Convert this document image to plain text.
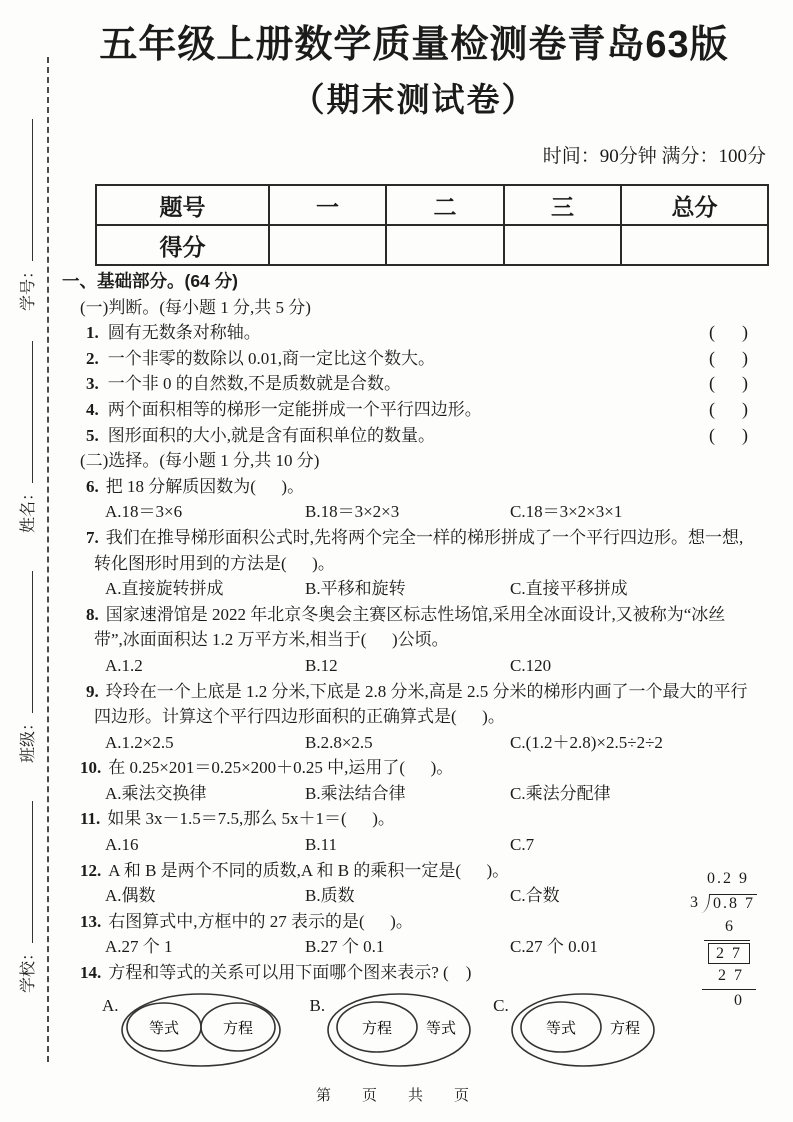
学号：
姓名：
班级：
学校：
五年级上册数学质量检测卷青岛63版
（期末测试卷）
时间：90分钟 满分：100分
题号	一	二	三	总分
得分				
一、基础部分。(64 分)
(一)判断。(每小题 1 分,共 5 分)
1. 圆有无数条对称轴。	(      )
2. 一个非零的数除以 0.01,商一定比这个数大。	(      )
3. 一个非 0 的自然数,不是质数就是合数。	(      )
4. 两个面积相等的梯形一定能拼成一个平行四边形。	(      )
5. 图形面积的大小,就是含有面积单位的数量。	(      )
(二)选择。(每小题 1 分,共 10 分)
6. 把 18 分解质因数为(      )。
A.18＝3×6	B.18＝3×2×3	C.18＝3×2×3×1
7. 我们在推导梯形面积公式时,先将两个完全一样的梯形拼成了一个平行四边形。想一想,
转化图形时用到的方法是(      )。
A.直接旋转拼成	B.平移和旋转	C.直接平移拼成
8. 国家速滑馆是 2022 年北京冬奥会主赛区标志性场馆,采用全冰面设计,又被称为“冰丝
带”,冰面面积达 1.2 万平方米,相当于(      )公顷。
A.1.2	B.12	C.120
9. 玲玲在一个上底是 1.2 分米,下底是 2.8 分米,高是 2.5 分米的梯形内画了一个最大的平行
四边形。计算这个平行四边形面积的正确算式是(      )。
A.1.2×2.5	B.2.8×2.5	C.(1.2＋2.8)×2.5÷2÷2
10. 在 0.25×201＝0.25×200＋0.25 中,运用了(      )。
A.乘法交换律	B.乘法结合律	C.乘法分配律
11. 如果 3x－1.5＝7.5,那么 5x＋1＝(      )。
A.16	B.11	C.7
12. A 和 B 是两个不同的质数,A 和 B 的乘积一定是(      )。
A.偶数	B.质数	C.合数
13. 右图算式中,方框中的 27 表示的是(      )。
A.27 个 1	B.27 个 0.1	C.27 个 0.01
14. 方程和等式的关系可以用下面哪个图来表示? (    )
A.
等式	方程
B.
方程 等式
C.
等式 方程
0.2 9
3 0.8 7
6
2 7
2 7
0
第　页　共　页
